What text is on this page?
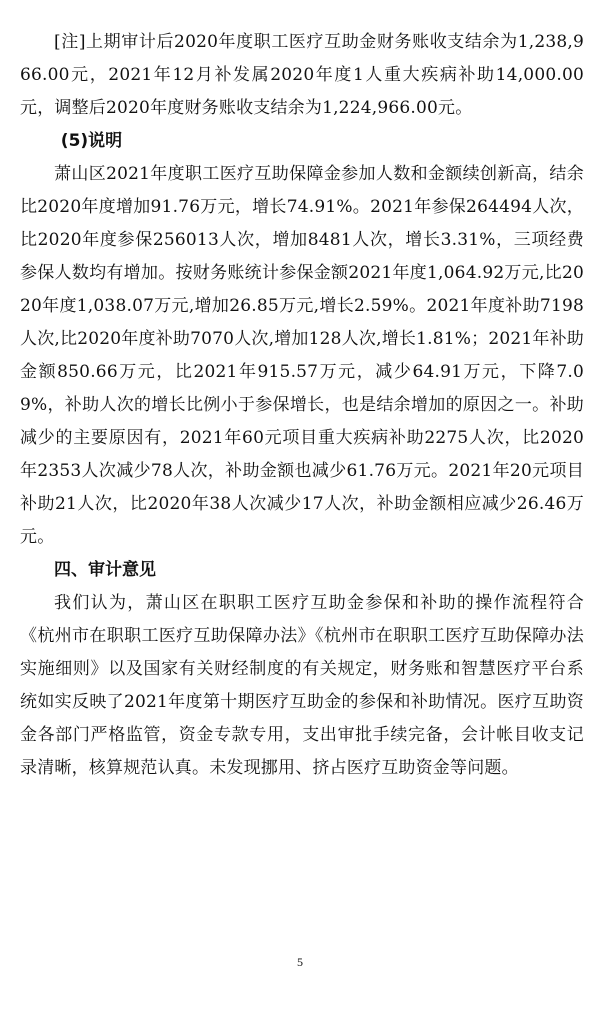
[注]上期审计后2020年度职工医疗互助金财务账收支结余为1,238,966.00元，2021年12月补发属2020年度1人重大疾病补助14,000.00元，调整后2020年度财务账收支结余为1,224,966.00元。

(5)说明

萧山区2021年度职工医疗互助保障金参加人数和金额续创新高，结余比2020年度增加91.76万元，增长74.91%。2021年参保264494人次，比2020年度参保256013人次，增加8481人次，增长3.31%，三项经费参保人数均有增加。按财务账统计参保金额2021年度1,064.92万元,比2020年度1,038.07万元,增加26.85万元,增长2.59%。2021年度补助7198人次,比2020年度补助7070人次,增加128人次,增长1.81%；2021年补助金额850.66万元，比2021年915.57万元，减少64.91万元，下降7.09%，补助人次的增长比例小于参保增长，也是结余增加的原因之一。补助减少的主要原因有，2021年60元项目重大疾病补助2275人次，比2020年2353人次减少78人次，补助金额也减少61.76万元。2021年20元项目补助21人次，比2020年38人次减少17人次，补助金额相应减少26.46万元。

四、审计意见

我们认为，萧山区在职职工医疗互助金参保和补助的操作流程符合《杭州市在职职工医疗互助保障办法》《杭州市在职职工医疗互助保障办法实施细则》以及国家有关财经制度的有关规定，财务账和智慧医疗平台系统如实反映了2021年度第十期医疗互助金的参保和补助情况。医疗互助资金各部门严格监管，资金专款专用，支出审批手续完备，会计帐目收支记录清晰，核算规范认真。未发现挪用、挤占医疗互助资金等问题。

5
